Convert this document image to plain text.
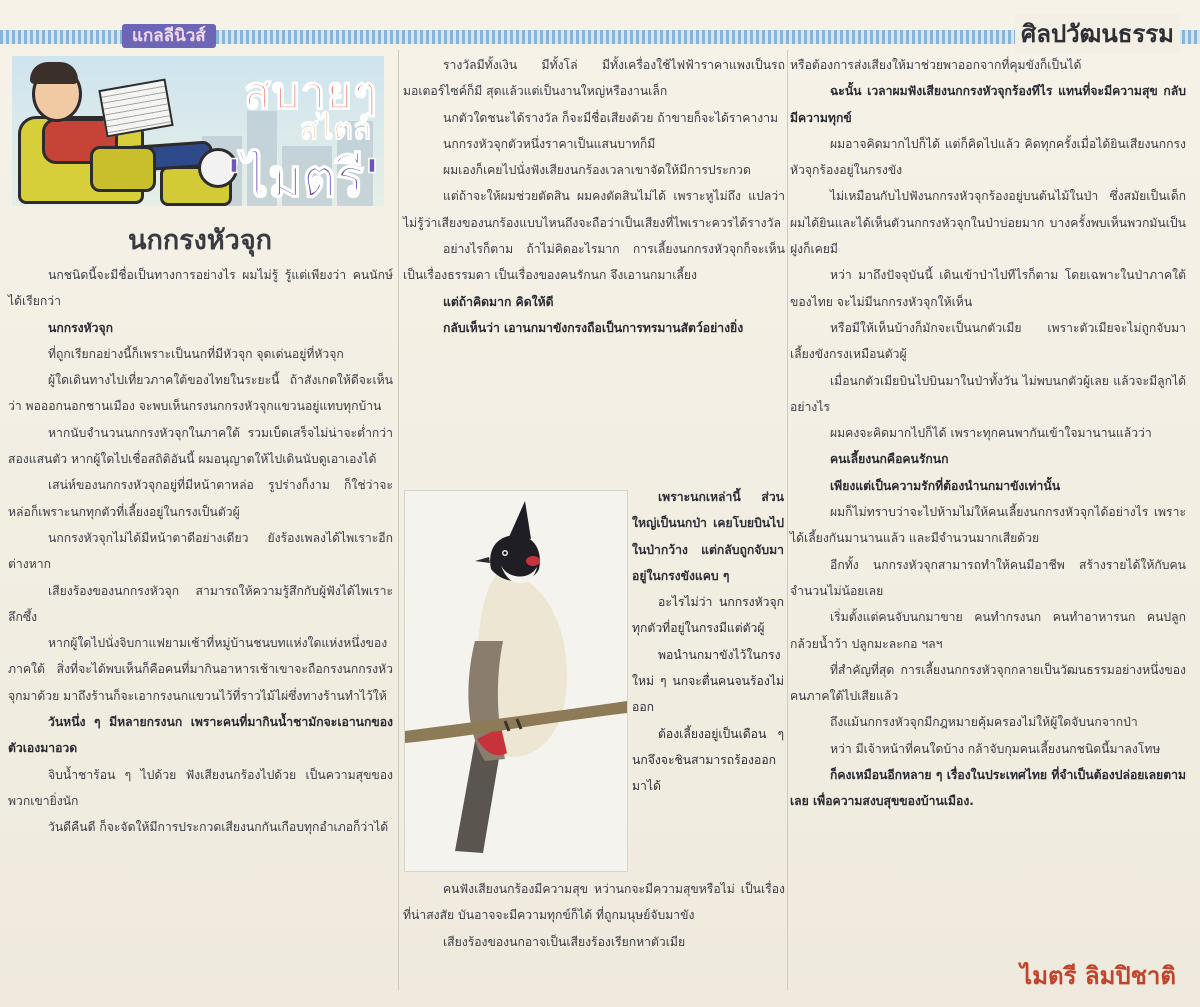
แกลลีนิวส์	ศิลปวัฒนธรรม
สบายๆ
สไตล์
'ไมตรี'
นกกรงหัวจุก

นกชนิดนี้จะมีชื่อเป็นทางการอย่างไร ผมไม่รู้ รู้แต่เพียงว่า คนนักษ์ได้เรียกว่า

นกกรงหัวจุก

ที่ถูกเรียกอย่างนี้ก็เพราะเป็นนกที่มีหัวจุก จุดเด่นอยู่ที่หัวจุก

ผู้ใดเดินทางไปเที่ยวภาคใต้ของไทยในระยะนี้ ถ้าสังเกตให้ดีจะเห็นว่า พอออกนอกชานเมือง จะพบเห็นกรงนกกรงหัวจุกแขวนอยู่แทบทุกบ้าน

หากนับจำนวนนกกรงหัวจุกในภาคใต้ รวมเบ็ดเสร็จไม่น่าจะต่ำกว่าสองแสนตัว หากผู้ใดไปเชื่อสถิติอันนี้ ผมอนุญาตให้ไปเดินนับดูเอาเองได้

เสน่ห์ของนกกรงหัวจุกอยู่ที่มีหน้าตาหล่อ รูปร่างก็งาม ก็ใช่ว่าจะหล่อก็เพราะนกทุกตัวที่เลี้ยงอยู่ในกรงเป็นตัวผู้

นกกรงหัวจุกไม่ได้มีหน้าตาดีอย่างเดียว ยังร้องเพลงได้ไพเราะอีกต่างหาก

เสียงร้องของนกกรงหัวจุก สามารถให้ความรู้สึกกับผู้ฟังได้ไพเราะลึกซึ้ง

หากผู้ใดไปนั่งจิบกาแฟยามเช้าที่หมู่บ้านชนบทแห่งใดแห่งหนึ่งของภาคใต้ สิ่งที่จะได้พบเห็นก็คือคนที่มากินอาหารเช้าเขาจะถือกรงนกกรงหัวจุกมาด้วย มาถึงร้านก็จะเอากรงนกแขวนไว้ที่ราวไม้ไผ่ซึ่งทางร้านทำไว้ให้

วันหนึ่ง ๆ มีหลายกรงนก เพราะคนที่มากินน้ำชามักจะเอานกของตัวเองมาอวด

จิบน้ำชาร้อน ๆ ไปด้วย ฟังเสียงนกร้องไปด้วย เป็นความสุขของพวกเขายิ่งนัก

วันดีคืนดี ก็จะจัดให้มีการประกวดเสียงนกกันเกือบทุกอำเภอก็ว่าได้

รางวัลมีทั้งเงิน มีทั้งโล่ มีทั้งเครื่องใช้ไฟฟ้าราคาแพงเป็นรถมอเตอร์ไซค์ก็มี สุดแล้วแต่เป็นงานใหญ่หรืองานเล็ก

นกตัวใดชนะได้รางวัล ก็จะมีชื่อเสียงด้วย ถ้าขายก็จะได้ราคางาม

นกกรงหัวจุกตัวหนึ่งราคาเป็นแสนบาทก็มี

ผมเองก็เคยไปนั่งฟังเสียงนกร้องเวลาเขาจัดให้มีการประกวด

แต่ถ้าจะให้ผมช่วยตัดสิน ผมคงตัดสินไม่ได้ เพราะหูไม่ถึง แปลว่าไม่รู้ว่าเสียงของนกร้องแบบไหนถึงจะถือว่าเป็นเสียงที่ไพเราะควรได้รางวัล

อย่างไรก็ตาม ถ้าไม่คิดอะไรมาก การเลี้ยงนกกรงหัวจุกก็จะเห็นเป็นเรื่องธรรมดา เป็นเรื่องของคนรักนก จึงเอานกมาเลี้ยง

แต่ถ้าคิดมาก คิดให้ดี

กลับเห็นว่า เอานกมาขังกรงถือเป็นการทรมานสัตว์อย่างยิ่ง

เพราะนกเหล่านี้ ส่วนใหญ่เป็นนกป่า เคยโบยบินไปในป่ากว้าง แต่กลับถูกจับมาอยู่ในกรงขังแคบ ๆ

อะไรไม่ว่า นกกรงหัวจุกทุกตัวที่อยู่ในกรงมีแต่ตัวผู้

พอนำนกมาขังไว้ในกรงใหม่ ๆ นกจะตื่นคนจนร้องไม่ออก

ต้องเลี้ยงอยู่เป็นเดือน ๆ นกจึงจะชินสามารถร้องออกมาได้

คนฟังเสียงนกร้องมีความสุข หว่านกจะมีความสุขหรือไม่ เป็นเรื่องที่น่าสงสัย บันอาจจะมีความทุกข์ก็ได้ ที่ถูกมนุษย์จับมาขัง

เสียงร้องของนกอาจเป็นเสียงร้องเรียกหาตัวเมีย

หรือต้องการส่งเสียงให้มาช่วยพาออกจากที่คุมขังก็เป็นได้

ฉะนั้น เวลาผมฟังเสียงนกกรงหัวจุกร้องทีไร แทนที่จะมีความสุข กลับมีความทุกข์

ผมอาจคิดมากไปก็ได้ แต่ก็คิดไปแล้ว คิดทุกครั้งเมื่อได้ยินเสียงนกกรงหัวจุกร้องอยู่ในกรงขัง

ไม่เหมือนกับไปฟังนกกรงหัวจุกร้องอยู่บนต้นไม้ในป่า ซึ่งสมัยเป็นเด็ก ผมได้ยินและได้เห็นตัวนกกรงหัวจุกในป่าบ่อยมาก บางครั้งพบเห็นพวกมันเป็นฝูงก็เคยมี

หว่า มาถึงปัจจุบันนี้ เดินเข้าป่าไปทีไรก็ตาม โดยเฉพาะในป่าภาคใต้ของไทย จะไม่มีนกกรงหัวจุกให้เห็น

หรือมีให้เห็นบ้างก็มักจะเป็นนกตัวเมีย เพราะตัวเมียจะไม่ถูกจับมาเลี้ยงขังกรงเหมือนตัวผู้

เมื่อนกตัวเมียบินไปบินมาในป่าทั้งวัน ไม่พบนกตัวผู้เลย แล้วจะมีลูกได้อย่างไร

ผมคงจะคิดมากไปก็ได้ เพราะทุกคนพากันเข้าใจมานานแล้วว่า

คนเลี้ยงนกคือคนรักนก

เพียงแต่เป็นความรักที่ต้องนำนกมาขังเท่านั้น

ผมก็ไม่ทราบว่าจะไปห้ามไม่ให้คนเลี้ยงนกกรงหัวจุกได้อย่างไร เพราะได้เลี้ยงกันมานานแล้ว และมีจำนวนมากเสียด้วย

อีกทั้ง นกกรงหัวจุกสามารถทำให้คนมีอาชีพ สร้างรายได้ให้กับคนจำนวนไม่น้อยเลย

เริ่มตั้งแต่คนจับนกมาขาย คนทำกรงนก คนทำอาหารนก คนปลูกกล้วยน้ำว้า ปลูกมะละกอ ฯลฯ

ที่สำคัญที่สุด การเลี้ยงนกกรงหัวจุกกลายเป็นวัฒนธรรมอย่างหนึ่งของคนภาคใต้ไปเสียแล้ว

ถึงแม้นกกรงหัวจุกมีกฎหมายคุ้มครองไม่ให้ผู้ใดจับนกจากป่า

หว่า มีเจ้าหน้าที่คนใดบ้าง กล้าจับกุมคนเลี้ยงนกชนิดนี้มาลงโทษ

ก็คงเหมือนอีกหลาย ๆ เรื่องในประเทศไทย ที่จำเป็นต้องปล่อยเลยตามเลย เพื่อความสงบสุขของบ้านเมือง.

ไมตรี ลิมปิชาติ
